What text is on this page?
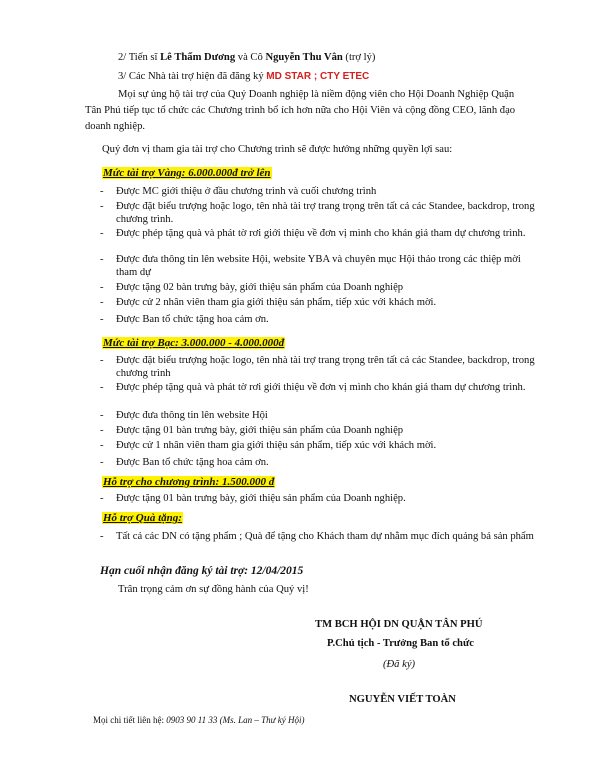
2/ Tiến sĩ Lê Thẩm Dương và Cô Nguyễn Thu Vân (trợ lý)
3/ Các Nhà tài trợ hiện đã đăng ký MD STAR ; CTY ETEC
Mọi sự ủng hộ tài trợ của Quý Doanh nghiệp là niềm động viên cho Hội Doanh Nghiệp Quận
Tân Phú tiếp tục tổ chức các Chương trình bổ ích hơn nữa cho Hội Viên và cộng đồng CEO, lãnh đạo
doanh nghiệp.
Quý đơn vị tham gia tài trợ cho Chương trình sẽ được hưởng những quyền lợi sau:
Mức tài trợ Vàng: 6.000.000đ trở lên
- Được MC giới thiệu ở đầu chương trình và cuối chương trình
- Được đặt biểu trượng hoặc logo, tên nhà tài trợ trang trọng trên tất cả các Standee, backdrop, trong chương trình.
- Được phép tặng quà và phát tờ rơi giới thiệu về đơn vị mình cho khán giả tham dự chương trình.
- Được đưa thông tin lên website Hội, website YBA và chuyên mục Hội thảo trong các thiệp mời tham dự
- Được tặng 02 bàn trưng bày, giới thiệu sản phẩm của Doanh nghiệp
- Được cử 2 nhân viên tham gia giới thiệu sản phẩm, tiếp xúc với khách mời.
- Được Ban tổ chức tặng hoa cảm ơn.
Mức tài trợ Bạc: 3.000.000 - 4.000.000đ
- Được đặt biểu trượng hoặc logo, tên nhà tài trợ trang trọng trên tất cả các Standee, backdrop, trong chương trình
- Được phép tặng quà và phát tờ rơi giới thiệu về đơn vị mình cho khán giả tham dự chương trình.
- Được đưa thông tin lên website Hội
- Được tặng 01 bàn trưng bày, giới thiệu sản phẩm của Doanh nghiệp
- Được cử 1 nhân viên tham gia giới thiệu sản phẩm, tiếp xúc với khách mời.
- Được Ban tổ chức tặng hoa cảm ơn.
Hỗ trợ cho chương trình: 1.500.000 đ
- Được tặng 01 bàn trưng bày, giới thiệu sản phẩm của Doanh nghiệp.
Hỗ trợ Quà tặng:
- Tất cả các DN có tặng phẩm ; Quà để tặng cho Khách tham dự nhằm mục đích quảng bá sản phẩm
Hạn cuối nhận đăng ký tài trợ: 12/04/2015
Trân trọng cảm ơn sự đồng hành của Quý vị!
TM BCH HỘI DN QUẬN TÂN PHÚ
P.Chủ tịch - Trưởng Ban tổ chức
(Đã ký)
NGUYỄN VIẾT TOÀN
Mọi chi tiết liên hệ: 0903 90 11 33 (Ms. Lan – Thư ký Hội)
